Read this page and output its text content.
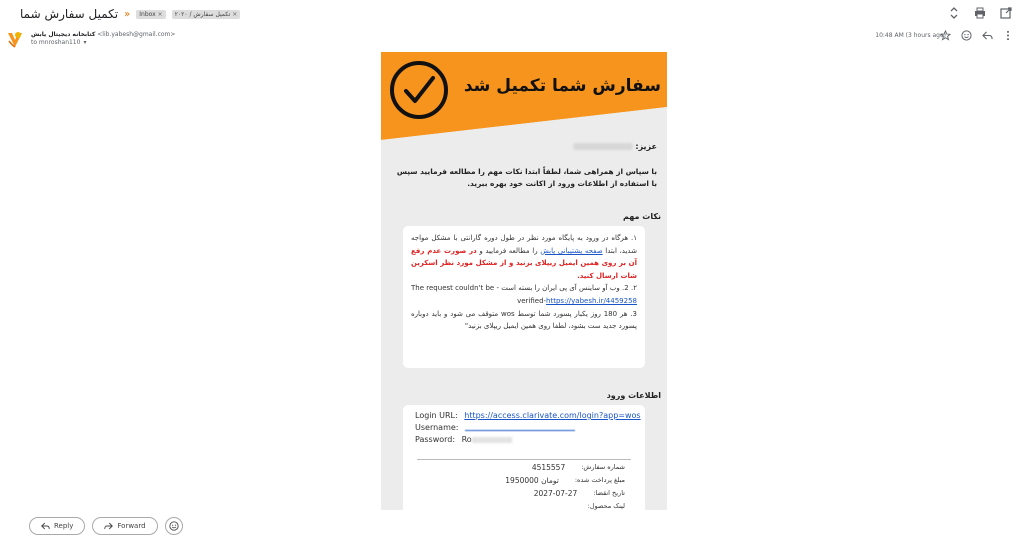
تکمیل سفارش شما » Inbox × تکمیل سفارش / ۲۰۲۰ ×
کتابخانه دیجیتال یابش <lib.yabesh@gmail.com>
to mnroshan110 ▾
10:48 AM (3 hours ago)
سفارش شما تکمیل شد
عزیز:
با سپاس از همراهی شما، لطفاً ابتدا نکات مهم را مطالعه فرمایید سپس با استفاده از اطلاعات ورود از اکانت خود بهره ببرید.
نکات مهم
۱. هرگاه در ورود به پایگاه مورد نظر در طول دوره گارانتی با مشکل مواجه شدید، ابتدا صفحه پشتیبانی یابش را مطالعه فرمایید و در صورت عدم رفع آن بر روی همین ایمیل ریپلای بزنید و از مشکل مورد نظر اسکرین شات ارسال کنید.
۲. 2. وب آو ساینس آی پی ایران را بسته است - The request couldn't be verified-https://yabesh.ir/4459258
3. هر 180 روز یکبار پسورد شما توسط wos متوقف می شود و باید دوباره پسورد جدید ست بشود، لطفا روی همین ایمیل ریپلای بزنید"
اطلاعات ورود
Login URL: https://access.clarivate.com/login?app=wos
Username:
Password: Ro
شماره سفارش:
4515557
مبلغ پرداخت شده:
1950000 تومان
تاریخ انقضا:
2027-07-27
لینک محصول:
Reply	Forward
